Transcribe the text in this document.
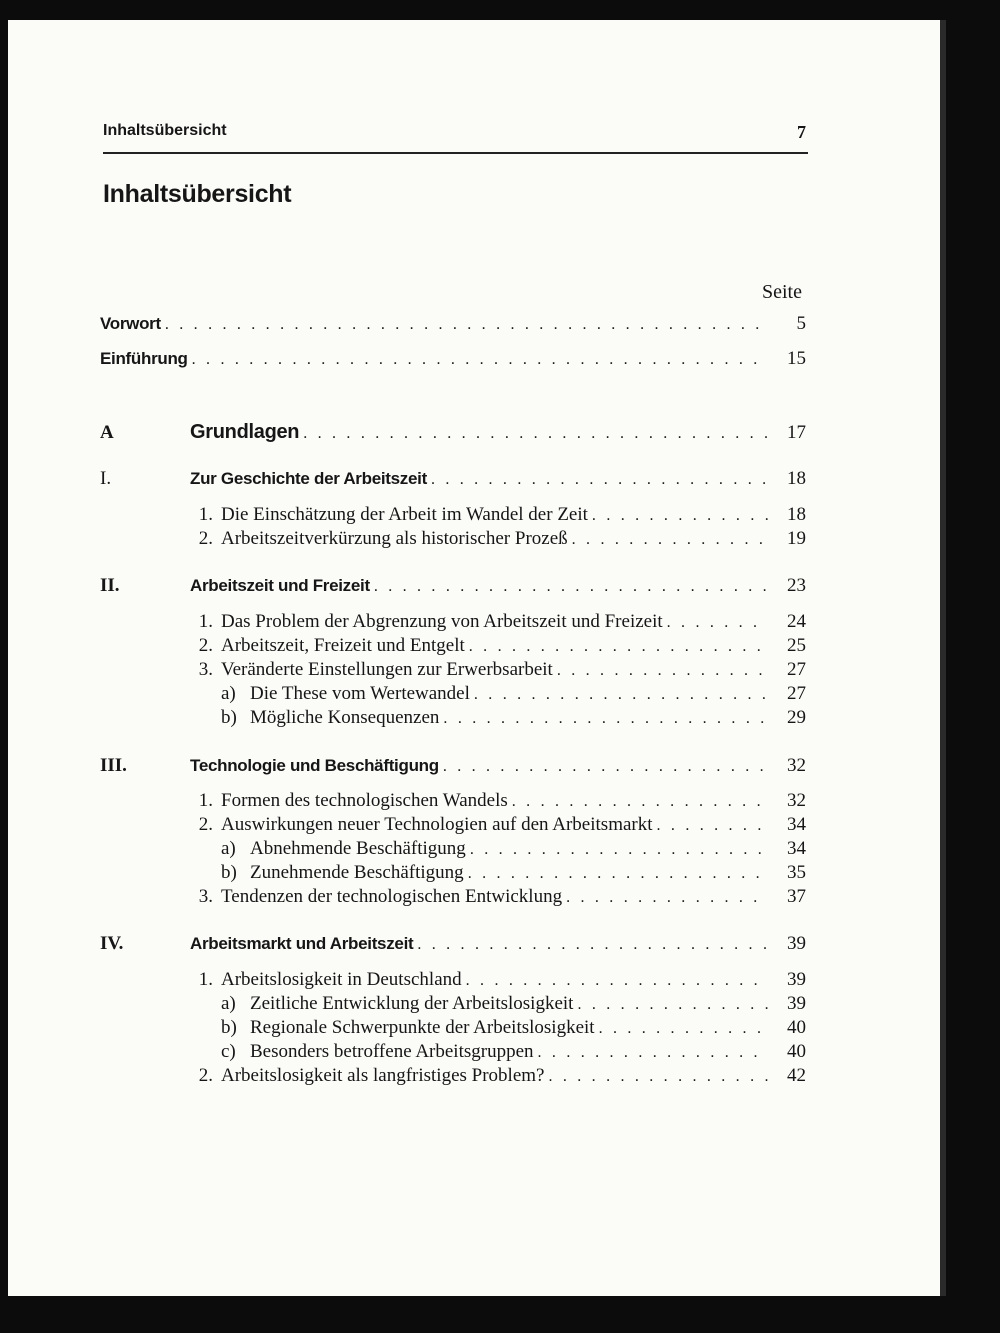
Inhaltsübersicht	7
Inhaltsübersicht
Seite
Vorwort . . .	5
Einführung . . .	15
A	Grundlagen . . .	17
I.	Zur Geschichte der Arbeitszeit . . .	18
1. Die Einschätzung der Arbeit im Wandel der Zeit . . .	18
2. Arbeitszeitverkürzung als historischer Prozeß . . .	19
II.	Arbeitszeit und Freizeit . . .	23
1. Das Problem der Abgrenzung von Arbeitszeit und Freizeit . . .	24
2. Arbeitszeit, Freizeit und Entgelt . . .	25
3. Veränderte Einstellungen zur Erwerbsarbeit . . .	27
a) Die These vom Wertewandel . . .	27
b) Mögliche Konsequenzen . . .	29
III.	Technologie und Beschäftigung . . .	32
1. Formen des technologischen Wandels . . .	32
2. Auswirkungen neuer Technologien auf den Arbeitsmarkt . . .	34
a) Abnehmende Beschäftigung . . .	34
b) Zunehmende Beschäftigung . . .	35
3. Tendenzen der technologischen Entwicklung . . .	37
IV.	Arbeitsmarkt und Arbeitszeit . . .	39
1. Arbeitslosigkeit in Deutschland . . .	39
a) Zeitliche Entwicklung der Arbeitslosigkeit . . .	39
b) Regionale Schwerpunkte der Arbeitslosigkeit . . .	40
c) Besonders betroffene Arbeitsgruppen . . .	40
2. Arbeitslosigkeit als langfristiges Problem? . . .	42
